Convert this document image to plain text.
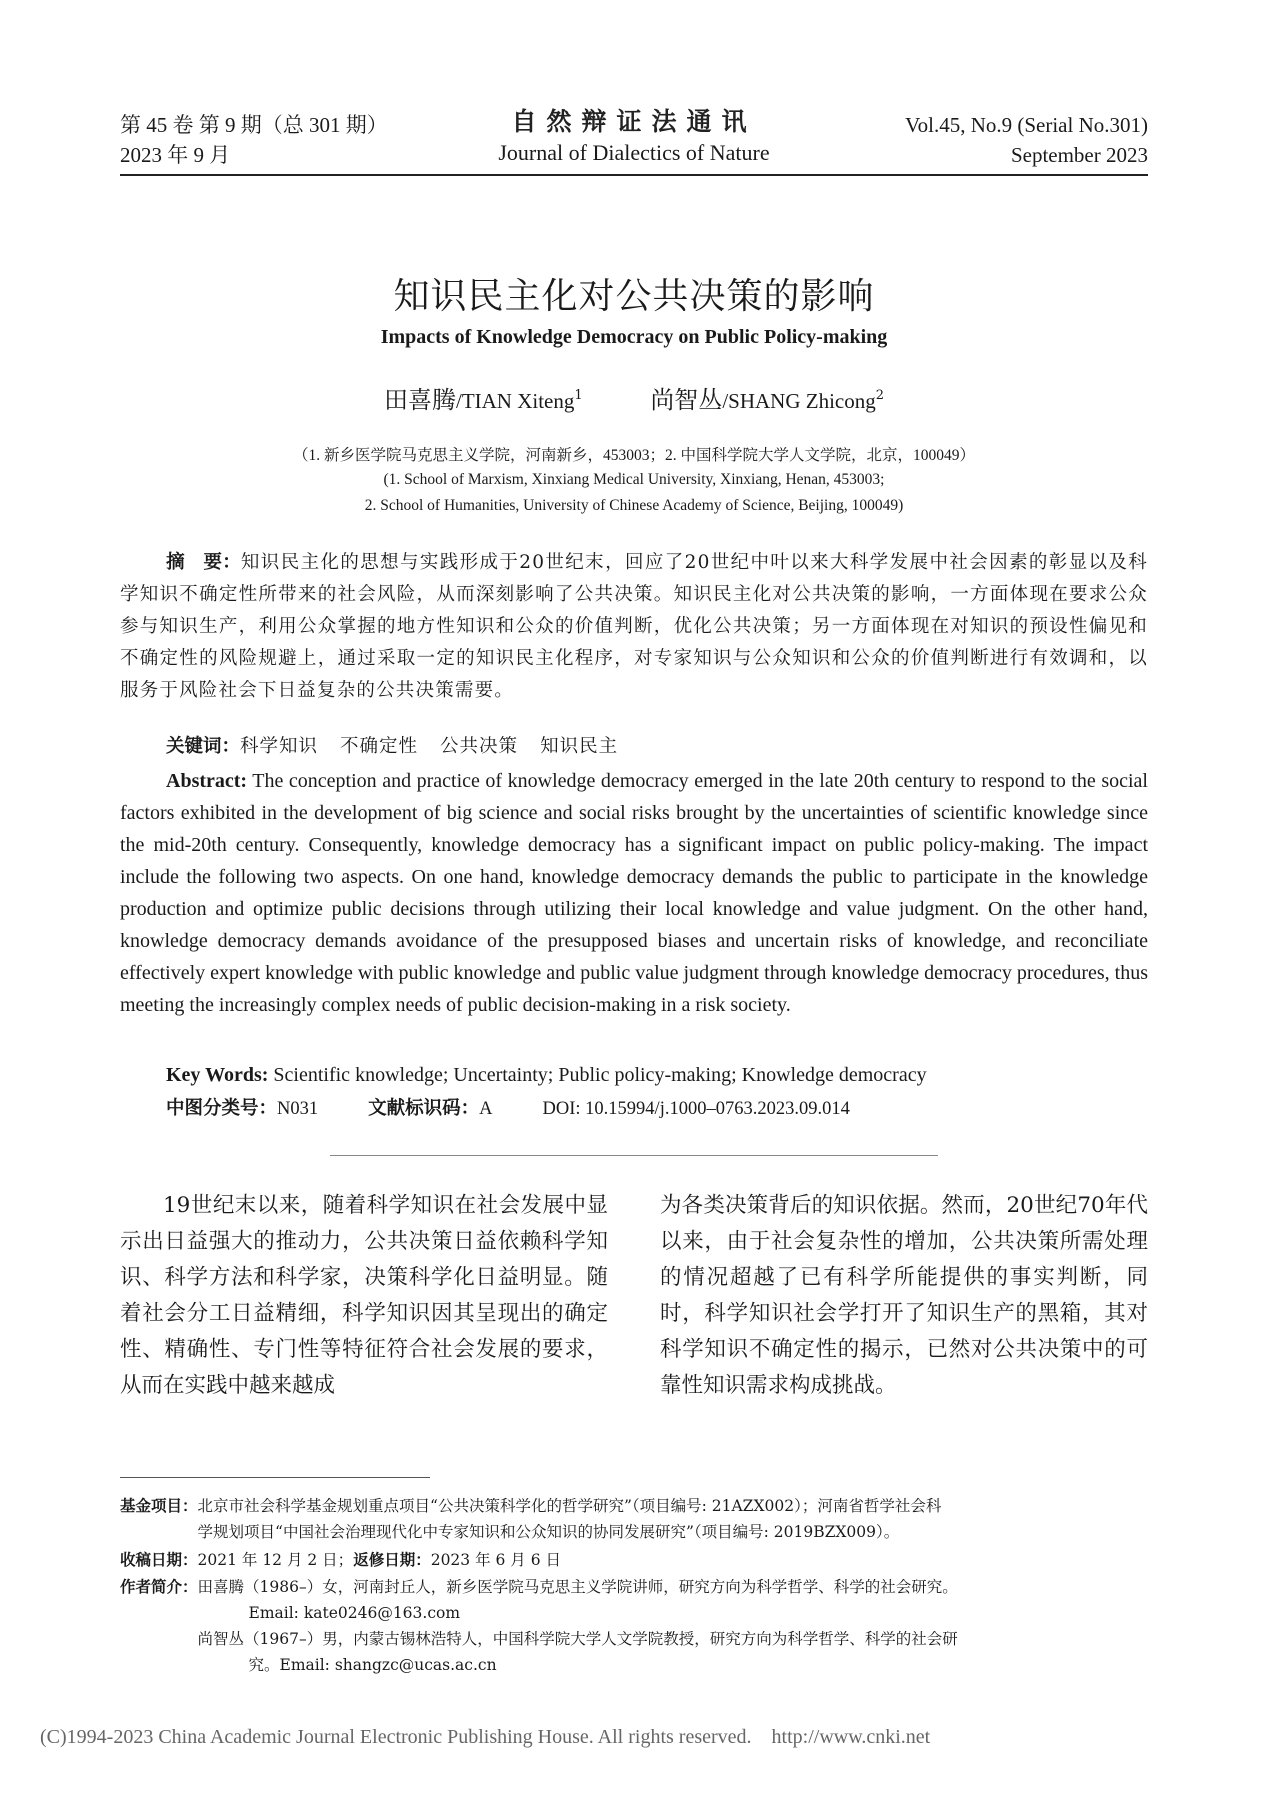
第 45 卷 第 9 期（总 301 期）
2023 年 9 月
自然辩证法通讯
Journal of Dialectics of Nature
Vol.45, No.9 (Serial No.301)
September 2023
知识民主化对公共决策的影响
Impacts of Knowledge Democracy on Public Policy-making
田喜腾/TIAN Xiteng$^1$	尚智丛/SHANG Zhicong$^2$
（1. 新乡医学院马克思主义学院，河南新乡，453003；2. 中国科学院大学人文学院，北京，100049）
(1. School of Marxism, Xinxiang Medical University, Xinxiang, Henan, 453003;
2. School of Humanities, University of Chinese Academy of Science, Beijing, 100049)
摘　要：知识民主化的思想与实践形成于20世纪末，回应了20世纪中叶以来大科学发展中社会因素的彰显以及科学知识不确定性所带来的社会风险，从而深刻影响了公共决策。知识民主化对公共决策的影响，一方面体现在要求公众参与知识生产，利用公众掌握的地方性知识和公众的价值判断，优化公共决策；另一方面体现在对知识的预设性偏见和不确定性的风险规避上，通过采取一定的知识民主化程序，对专家知识与公众知识和公众的价值判断进行有效调和，以服务于风险社会下日益复杂的公共决策需要。
关键词：科学知识 不确定性 公共决策 知识民主
Abstract: The conception and practice of knowledge democracy emerged in the late 20th century to respond to the social factors exhibited in the development of big science and social risks brought by the uncertainties of scientific knowledge since the mid-20th century. Consequently, knowledge democracy has a significant impact on public policy-making. The impact include the following two aspects. On one hand, knowledge democracy demands the public to participate in the knowledge production and optimize public decisions through utilizing their local knowledge and value judgment. On the other hand, knowledge democracy demands avoidance of the presupposed biases and uncertain risks of knowledge, and reconciliate effectively expert knowledge with public knowledge and public value judgment through knowledge democracy procedures, thus meeting the increasingly complex needs of public decision-making in a risk society.
Key Words: Scientific knowledge; Uncertainty; Public policy-making; Knowledge democracy
中图分类号：N031	文献标识码：A	DOI: 10.15994/j.1000–0763.2023.09.014

19世纪末以来，随着科学知识在社会发展中显示出日益强大的推动力，公共决策日益依赖科学知识、科学方法和科学家，决策科学化日益明显。随着社会分工日益精细，科学知识因其呈现出的确定性、精确性、专门性等特征符合社会发展的要求，从而在实践中越来越成

为各类决策背后的知识依据。然而，20世纪70年代以来，由于社会复杂性的增加，公共决策所需处理的情况超越了已有科学所能提供的事实判断，同时，科学知识社会学打开了知识生产的黑箱，其对科学知识不确定性的揭示，已然对公共决策中的可靠性知识需求构成挑战。

基金项目： 北京市社会科学基金规划重点项目“公共决策科学化的哲学研究”（项目编号: 21AZX002）；河南省哲学社会科
学规划项目“中国社会治理现代化中专家知识和公众知识的协同发展研究”（项目编号: 2019BZX009）。
收稿日期：2021 年 12 月 2 日；返修日期：2023 年 6 月 6 日
作者简介： 田喜腾（1986–）女，河南封丘人，新乡医学院马克思主义学院讲师，研究方向为科学哲学、科学的社会研究。
Email: kate0246@163.com
尚智丛（1967–）男，内蒙古锡林浩特人，中国科学院大学人文学院教授，研究方向为科学哲学、科学的社会研
究。Email: shangzc@ucas.ac.cn
(C)1994-2023 China Academic Journal Electronic Publishing House. All rights reserved.    http://www.cnki.net
